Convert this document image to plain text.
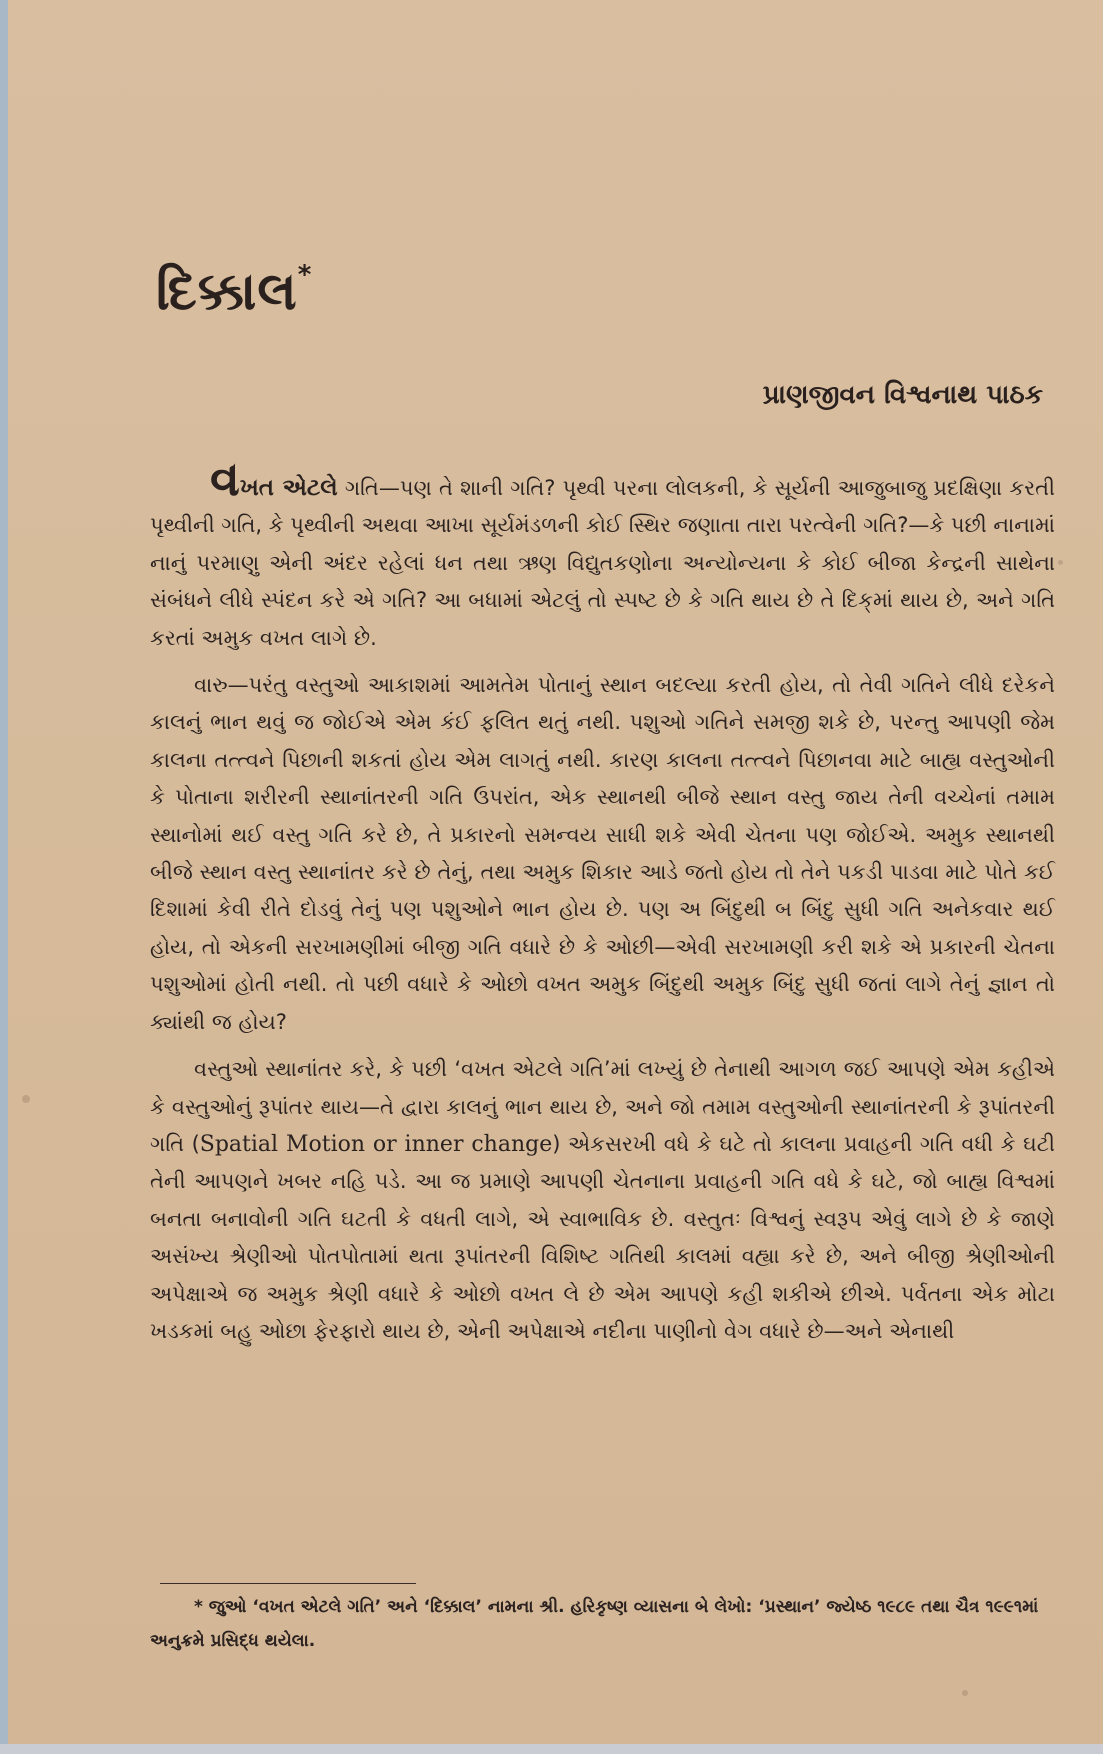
દિક્કાલ*
પ્રાણજીવન વિશ્વનાથ પાઠક

વખત એટલે ગતિ—પણ તે શાની ગતિ? પૃથ્વી પરના લોલકની, કે સૂર્યની આજુબાજુ પ્રદક્ષિણા કરતી પૃથ્વીની ગતિ, કે પૃથ્વીની અથવા આખા સૂર્યમંડળની કોઈ સ્થિર જણાતા તારા પરત્વેની ગતિ?—કે પછી નાનામાં નાનું પરમાણુ એની અંદર રહેલાં ધન તથા ઋણ વિદ્યુતકણોના અન્યોન્યના કે કોઈ બીજા કેન્દ્રની સાથેના સંબંધને લીધે સ્પંદન કરે એ ગતિ? આ બધામાં એટલું તો સ્પષ્ટ છે કે ગતિ થાય છે તે દિક્‌માં થાય છે, અને ગતિ કરતાં અમુક વખત લાગે છે.

વારુ—પરંતુ વસ્તુઓ આકાશમાં આમતેમ પોતાનું સ્થાન બદલ્યા કરતી હોય, તો તેવી ગતિને લીધે દરેકને કાલનું ભાન થવું જ જોઈએ એમ કંઈ ફલિત થતું નથી. પશુઓ ગતિને સમજી શકે છે, પરન્તુ આપણી જેમ કાલના તત્ત્વને પિછાની શકતાં હોય એમ લાગતું નથી. કારણ કાલના તત્ત્વને પિછાનવા માટે બાહ્ય વસ્તુઓની કે પોતાના શરીરની સ્થાનાંતરની ગતિ ઉપરાંત, એક સ્થાનથી બીજે સ્થાન વસ્તુ જાય તેની વચ્ચેનાં તમામ સ્થાનોમાં થઈ વસ્તુ ગતિ કરે છે, તે પ્રકારનો સમન્વય સાધી શકે એવી ચેતના પણ જોઈએ. અમુક સ્થાનથી બીજે સ્થાન વસ્તુ સ્થાનાંતર કરે છે તેનું, તથા અમુક શિકાર આડે જતો હોય તો તેને પકડી પાડવા માટે પોતે કઈ દિશામાં કેવી રીતે દોડવું તેનું પણ પશુઓને ભાન હોય છે. પણ અ બિંદુથી બ બિંદુ સુધી ગતિ અનેકવાર થઈ હોય, તો એકની સરખામણીમાં બીજી ગતિ વધારે છે કે ઓછી—એવી સરખામણી કરી શકે એ પ્રકારની ચેતના પશુઓમાં હોતી નથી. તો પછી વધારે કે ઓછો વખત અમુક બિંદુથી અમુક બિંદુ સુધી જતાં લાગે તેનું જ્ઞાન તો ક્યાંથી જ હોય?

વસ્તુઓ સ્થાનાંતર કરે, કે પછી ‘વખત એટલે ગતિ’માં લખ્યું છે તેનાથી આગળ જઈ આપણે એમ કહીએ કે વસ્તુઓનું રૂપાંતર થાય—તે દ્વારા કાલનું ભાન થાય છે, અને જો તમામ વસ્તુઓની સ્થાનાંતરની કે રૂપાંતરની ગતિ (Spatial Motion or inner change) એકસરખી વધે કે ઘટે તો કાલના પ્રવાહની ગતિ વધી કે ઘટી તેની આપણને ખબર નહિ પડે. આ જ પ્રમાણે આપણી ચેતનાના પ્રવાહની ગતિ વધે કે ઘટે, જો બાહ્ય વિશ્વમાં બનતા બનાવોની ગતિ ઘટતી કે વધતી લાગે, એ સ્વાભાવિક છે. વસ્તુતઃ વિશ્વનું સ્વરૂપ એવું લાગે છે કે જાણે અસંખ્ય શ્રેણીઓ પોતપોતામાં થતા રૂપાંતરની વિશિષ્ટ ગતિથી કાલમાં વહ્યા કરે છે, અને બીજી શ્રેણીઓની અપેક્ષાએ જ અમુક શ્રેણી વધારે કે ઓછો વખત લે છે એમ આપણે કહી શકીએ છીએ. પર્વતના એક મોટા ખડકમાં બહુ ઓછા ફેરફારો થાય છે, એની અપેક્ષાએ નદીના પાણીનો વેગ વધારે છે—અને એનાથી

* જુઓ ‘વખત એટલે ગતિ’ અને ‘દિક્કાલ’ નામના શ્રી. હરિકૃષ્ણ વ્યાસના બે લેખો: ‘પ્રસ્થાન’ જ્યેષ્ઠ ૧૯૮૯ તથા ચૈત્ર ૧૯૯૧માં અનુક્રમે પ્રસિદ્ધ થયેલા.
